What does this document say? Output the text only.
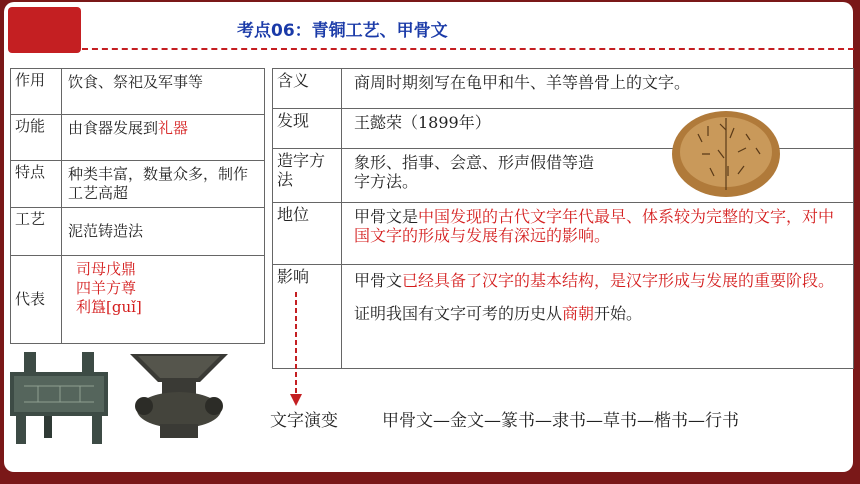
考点06：青铜工艺、甲骨文
作用	饮食、祭祀及军事等
功能	由食器发展到礼器
特点	种类丰富，数量众多，制作工艺高超
工艺	泥范铸造法
代表	司母戊鼎
四羊方尊
利簋[guǐ]
含义	商周时期刻写在龟甲和牛、羊等兽骨上的文字。
发现	王懿荣（1899年）
造字方法	象形、指事、会意、形声假借等造字方法。
地位	甲骨文是中国发现的古代文字年代最早、体系较为完整的文字，对中国文字的形成与发展有深远的影响。
影响	甲骨文已经具备了汉字的基本结构，是汉字形成与发展的重要阶段。
证明我国有文字可考的历史从商朝开始。
文字演变	甲骨文—金文—篆书—隶书—草书—楷书—行书
